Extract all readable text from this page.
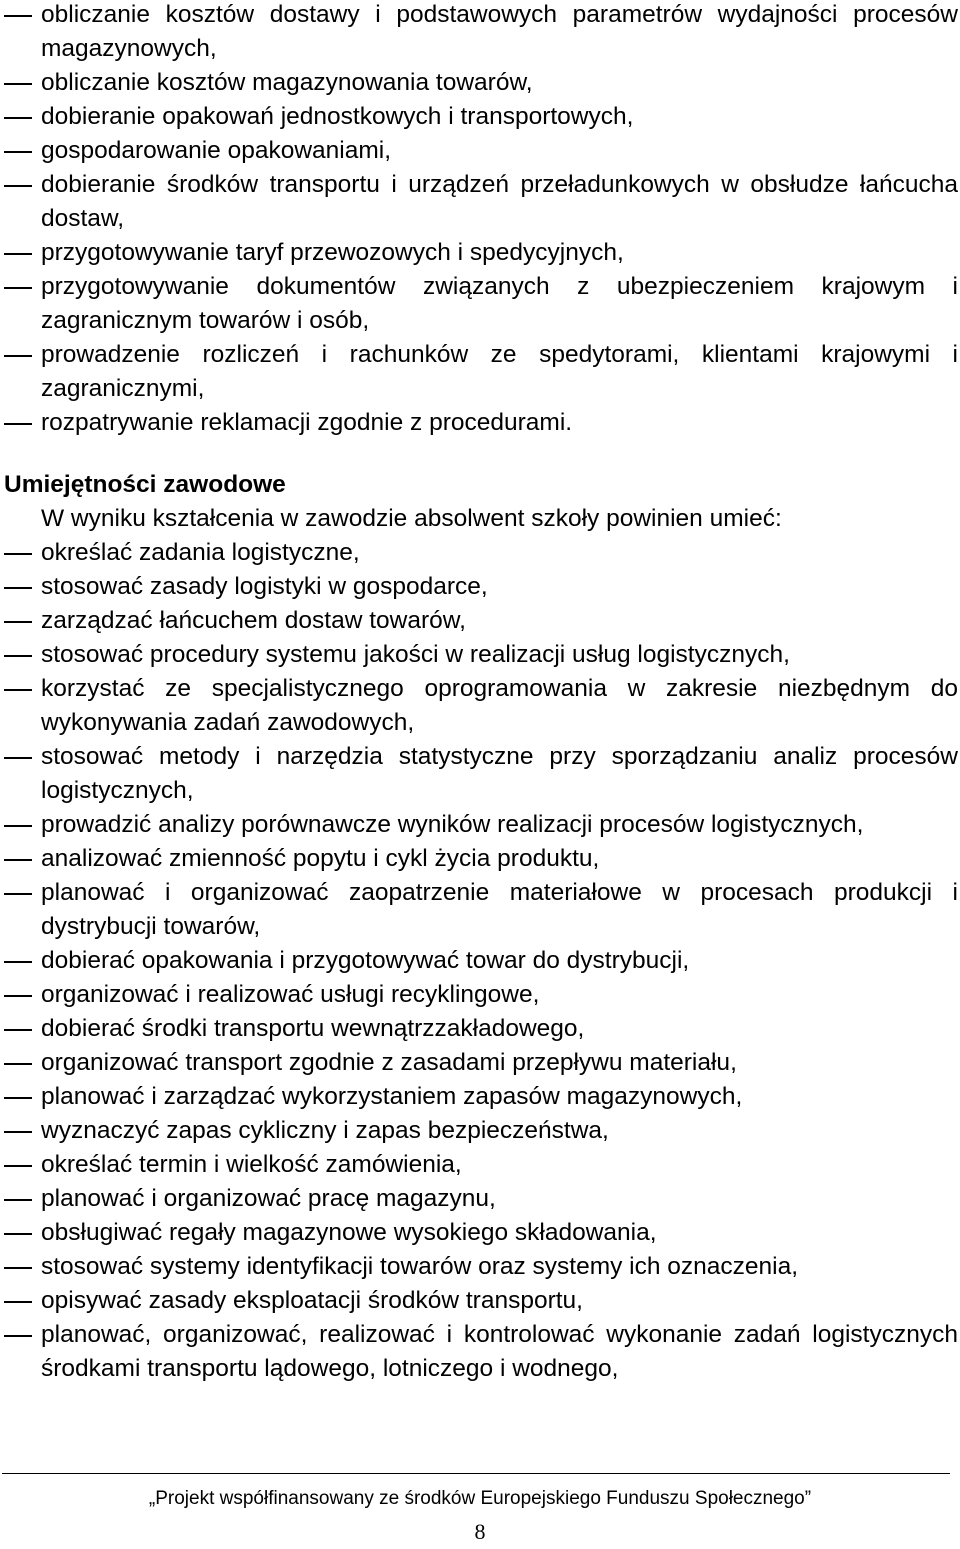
obliczanie kosztów dostawy i podstawowych parametrów wydajności procesów magazynowych,
obliczanie kosztów magazynowania towarów,
dobieranie opakowań jednostkowych i transportowych,
gospodarowanie opakowaniami,
dobieranie środków transportu i urządzeń przeładunkowych w obsłudze łańcucha dostaw,
przygotowywanie taryf przewozowych i spedycyjnych,
przygotowywanie dokumentów związanych z ubezpieczeniem krajowym i zagranicznym towarów i osób,
prowadzenie rozliczeń i rachunków ze spedytorami, klientami krajowymi i zagranicznymi,
rozpatrywanie reklamacji zgodnie z procedurami.
Umiejętności zawodowe

W wyniku kształcenia w zawodzie absolwent szkoły powinien umieć:

określać zadania logistyczne,
stosować zasady logistyki w gospodarce,
zarządzać łańcuchem dostaw towarów,
stosować procedury systemu jakości w realizacji usług logistycznych,
korzystać ze specjalistycznego oprogramowania w zakresie niezbędnym do wykonywania zadań zawodowych,
stosować metody i narzędzia statystyczne przy sporządzaniu analiz procesów logistycznych,
prowadzić analizy porównawcze wyników realizacji procesów logistycznych,
analizować zmienność popytu i cykl życia produktu,
planować i organizować zaopatrzenie materiałowe w procesach produkcji i dystrybucji towarów,
dobierać opakowania i przygotowywać towar do dystrybucji,
organizować i realizować usługi recyklingowe,
dobierać środki transportu wewnątrzzakładowego,
organizować transport zgodnie z zasadami przepływu materiału,
planować i zarządzać wykorzystaniem zapasów magazynowych,
wyznaczyć zapas cykliczny i zapas bezpieczeństwa,
określać termin i wielkość zamówienia,
planować i organizować pracę magazynu,
obsługiwać regały magazynowe wysokiego składowania,
stosować systemy identyfikacji towarów oraz systemy ich oznaczenia,
opisywać zasady eksploatacji środków transportu,
planować, organizować, realizować i kontrolować wykonanie zadań logistycznych środkami transportu lądowego, lotniczego i wodnego,

„Projekt współfinansowany ze środków Europejskiego Funduszu Społecznego”

8
